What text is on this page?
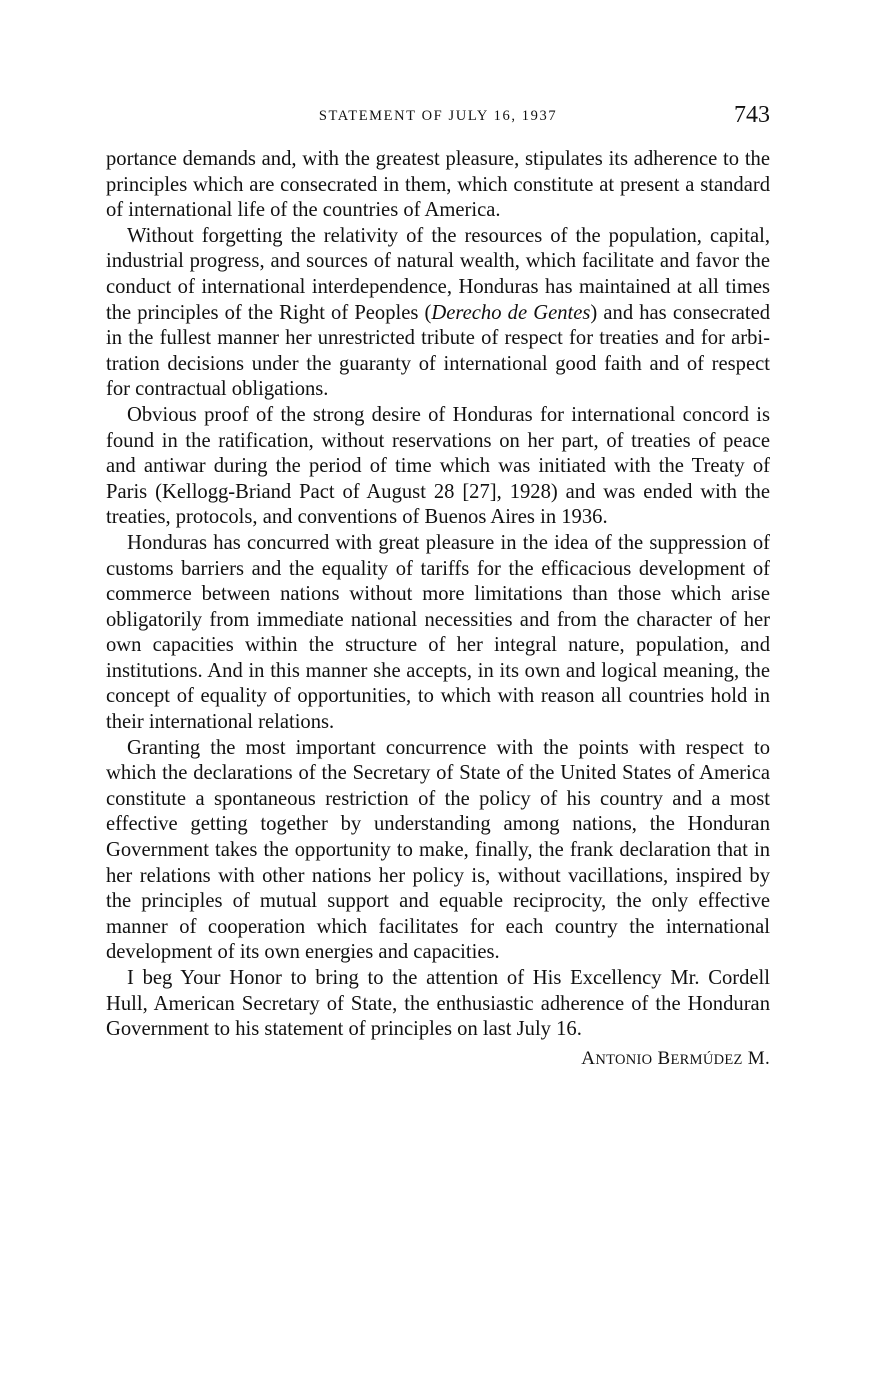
STATEMENT OF JULY 16, 1937	743

portance demands and, with the greatest pleasure, stipulates its adherence to the principles which are consecrated in them, which constitute at present a standard of international life of the countries of America.

Without forgetting the relativity of the resources of the population, capital, industrial progress, and sources of natural wealth, which facilitate and favor the conduct of international interdependence, Honduras has maintained at all times the principles of the Right of Peoples (Derecho de Gentes) and has consecrated in the fullest manner her unrestricted tribute of respect for treaties and for arbitration decisions under the guaranty of international good faith and of respect for contractual obligations.

Obvious proof of the strong desire of Honduras for international concord is found in the ratification, without reservations on her part, of treaties of peace and antiwar during the period of time which was initiated with the Treaty of Paris (Kellogg-Briand Pact of August 28 [27], 1928) and was ended with the treaties, protocols, and conventions of Buenos Aires in 1936.

Honduras has concurred with great pleasure in the idea of the suppression of customs barriers and the equality of tariffs for the efficacious development of commerce between nations without more limitations than those which arise obligatorily from immediate national necessities and from the character of her own capacities within the structure of her integral nature, population, and institutions. And in this manner she accepts, in its own and logical meaning, the concept of equality of opportunities, to which with reason all countries hold in their international relations.

Granting the most important concurrence with the points with respect to which the declarations of the Secretary of State of the United States of America constitute a spontaneous restriction of the policy of his country and a most effective getting together by understanding among nations, the Honduran Government takes the opportunity to make, finally, the frank declaration that in her relations with other nations her policy is, without vacillations, inspired by the principles of mutual support and equable reciprocity, the only effective manner of cooperation which facilitates for each country the international development of its own energies and capacities.

I beg Your Honor to bring to the attention of His Excellency Mr. Cordell Hull, American Secretary of State, the enthusiastic adherence of the Honduran Government to his statement of principles on last July 16.

ANTONIO BERMÚDEZ M.
